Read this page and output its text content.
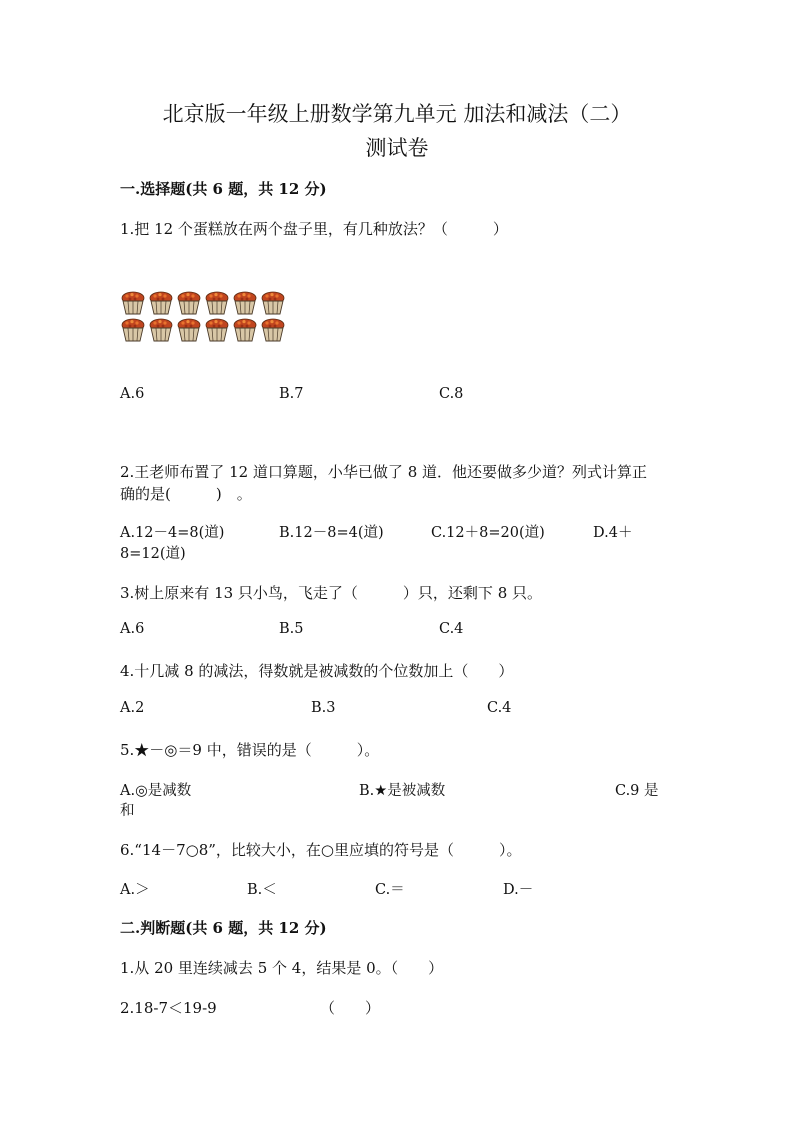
北京版一年级上册数学第九单元 加法和减法（二）
测试卷
一.选择题(共 6 题，共 12 分)
1.把 12 个蛋糕放在两个盘子里，有几种放法？（　　　）
A.6	B.7	C.8
2.王老师布置了 12 道口算题，小华已做了 8 道．他还要做多少道？列式计算正
确的是(　　　)　。
A.12－4=8(道)	B.12－8=4(道)	C.12＋8=20(道)	D.4＋
8=12(道)
3.树上原来有 13 只小鸟，飞走了（　　　）只，还剩下 8 只。
A.6	B.5	C.4
4.十几减 8 的减法，得数就是被减数的个位数加上（　　）
A.2	B.3	C.4
5.★－◎＝9 中，错误的是（　　　）。
A.◎是减数	B.★是被减数	C.9 是
和
6.“14－7○8”，比较大小，在○里应填的符号是（　　　）。
A.＞	B.＜	C.＝	D.－
二.判断题(共 6 题，共 12 分)
1.从 20 里连续减去 5 个 4，结果是 0。（　　）
2.18-7＜19-9	（　　）
